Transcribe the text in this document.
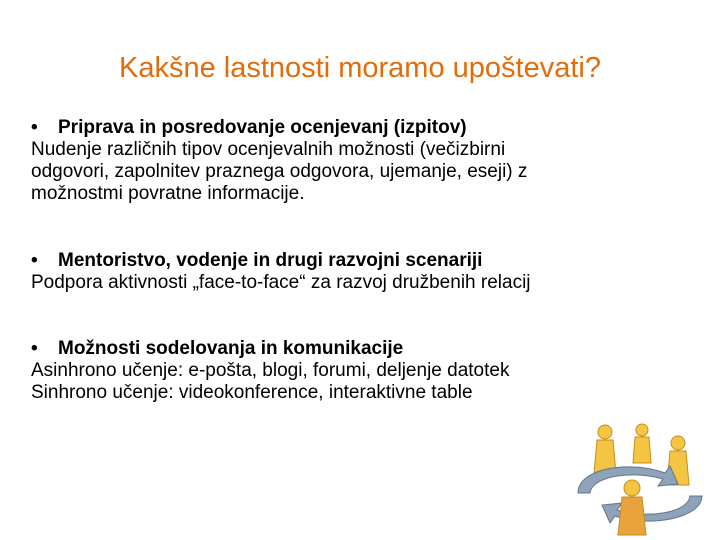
Kakšne lastnosti moramo upoštevati?
•	Priprava in posredovanje ocenjevanj (izpitov)
Nudenje različnih tipov ocenjevalnih možnosti (večizbirni
odgovori, zapolnitev praznega odgovora, ujemanje, eseji) z
možnostmi povratne informacije.
•	Mentoristvo, vodenje in drugi razvojni scenariji
Podpora aktivnosti „face-to-face“ za razvoj družbenih relacij
•	Možnosti sodelovanja in komunikacije
Asinhrono učenje: e-pošta, blogi, forumi, deljenje datotek
Sinhrono učenje: videokonference, interaktivne table
